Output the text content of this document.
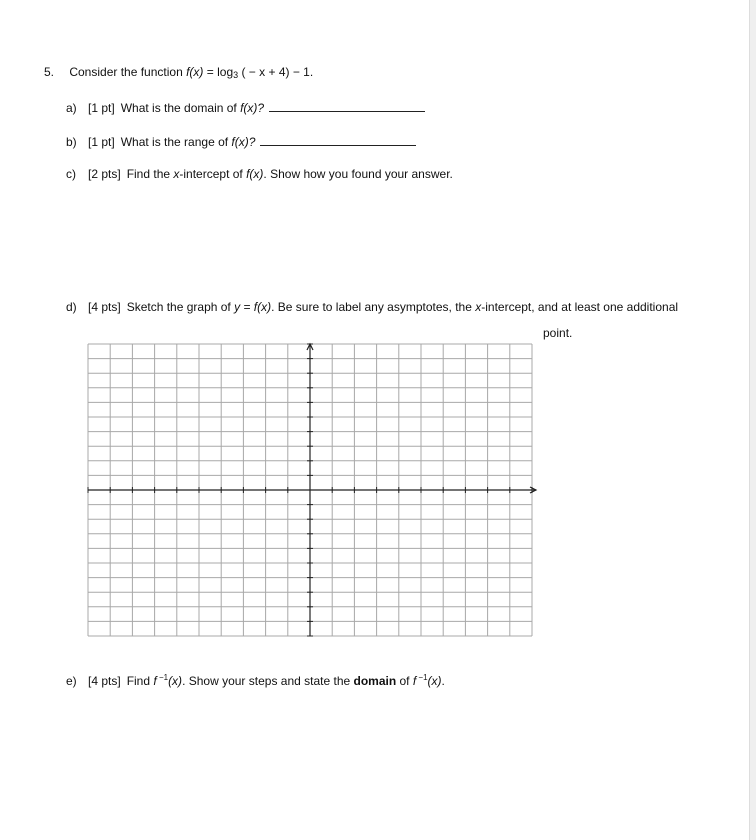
5. Consider the function $f(x) = \log_3$ ( − x + 4) − 1.
a) [1 pt] What is the domain of f(x)?
b) [1 pt] What is the range of f(x)?
c) [2 pts] Find the x-intercept of f(x). Show how you found your answer.
d) [4 pts] Sketch the graph of y = f(x). Be sure to label any asymptotes, the x-intercept, and at least one additional
point.
e) [4 pts] Find f $^{-1}$(x). Show your steps and state the domain of f $^{-1}$(x).
